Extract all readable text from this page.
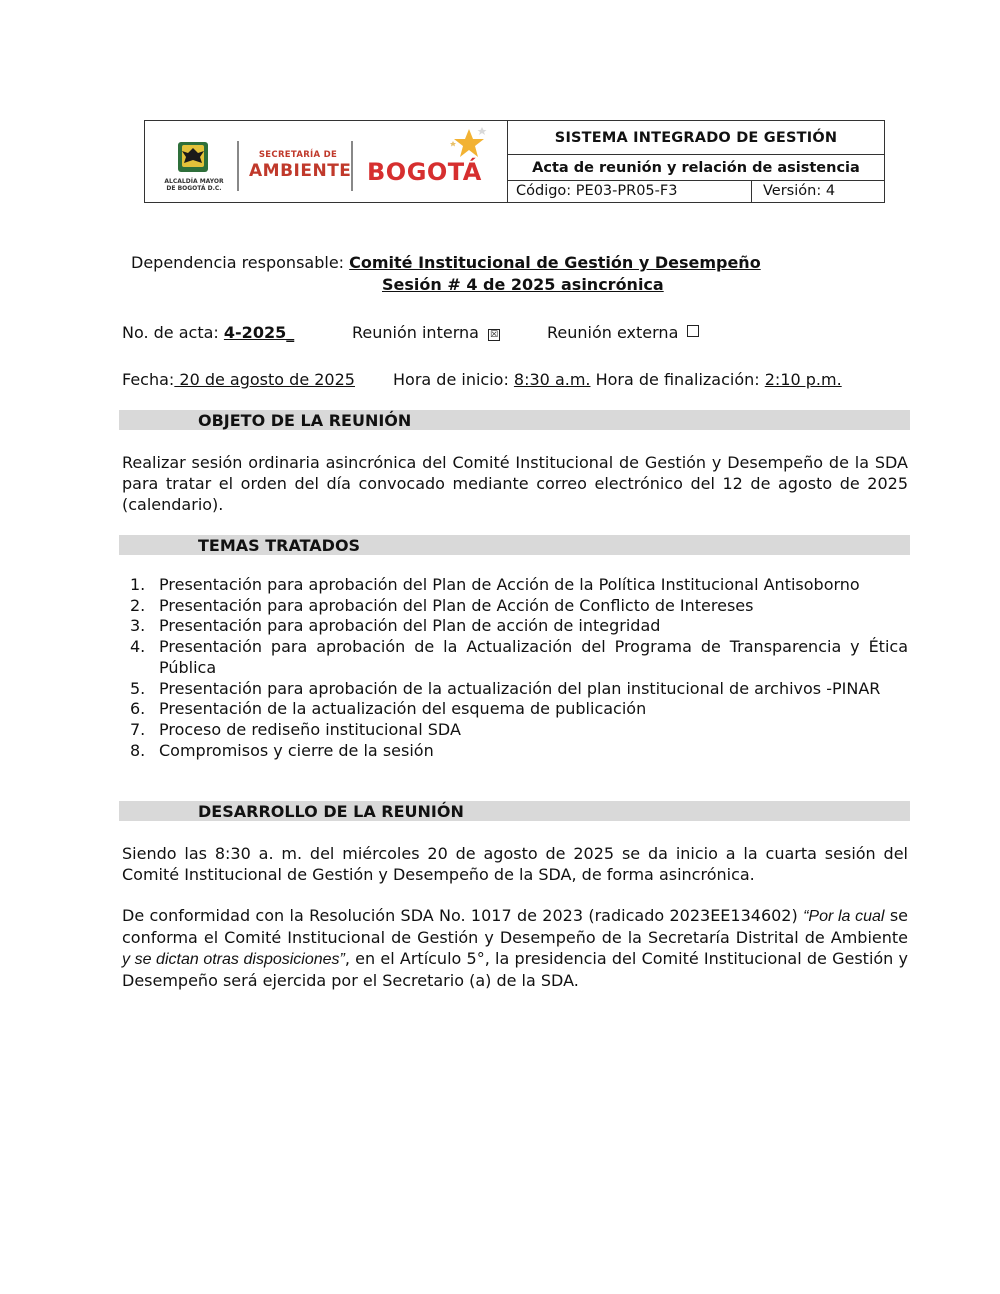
ALCALDÍA MAYOR
DE BOGOTÁ D.C.
SECRETARÍA DE
AMBIENTE BOGOTÁ
SISTEMA INTEGRADO DE GESTIÓN
Acta de reunión y relación de asistencia
Código: PE03-PR05-F3	Versión: 4
Dependencia responsable: Comité Institucional de Gestión y Desempeño
Sesión # 4 de 2025 asincrónica
No. de acta: 4-2025_	Reunión interna ☒	Reunión externa
Fecha: 20 de agosto de 2025 Hora de inicio: 8:30 a.m. Hora de finalización: 2:10 p.m.
OBJETO DE LA REUNIÓN
Realizar sesión ordinaria asincrónica del Comité Institucional de Gestión y Desempeño de la SDA para tratar el orden del día convocado mediante correo electrónico del 12 de agosto de 2025 (calendario).
TEMAS TRATADOS
1. Presentación para aprobación del Plan de Acción de la Política Institucional Antisoborno
2. Presentación para aprobación del Plan de Acción de Conflicto de Intereses
3. Presentación para aprobación del Plan de acción de integridad
4. Presentación para aprobación de la Actualización del Programa de Transparencia y Ética Pública
5. Presentación para aprobación de la actualización del plan institucional de archivos -PINAR
6. Presentación de la actualización del esquema de publicación
7. Proceso de rediseño institucional SDA
8. Compromisos y cierre de la sesión
DESARROLLO DE LA REUNIÓN
Siendo las 8:30 a. m. del miércoles 20 de agosto de 2025 se da inicio a la cuarta sesión del Comité Institucional de Gestión y Desempeño de la SDA, de forma asincrónica.
De conformidad con la Resolución SDA No. 1017 de 2023 (radicado 2023EE134602) “Por la cual se conforma el Comité Institucional de Gestión y Desempeño de la Secretaría Distrital de Ambiente y se dictan otras disposiciones”, en el Artículo 5°, la presidencia del Comité Institucional de Gestión y Desempeño será ejercida por el Secretario (a) de la SDA.
